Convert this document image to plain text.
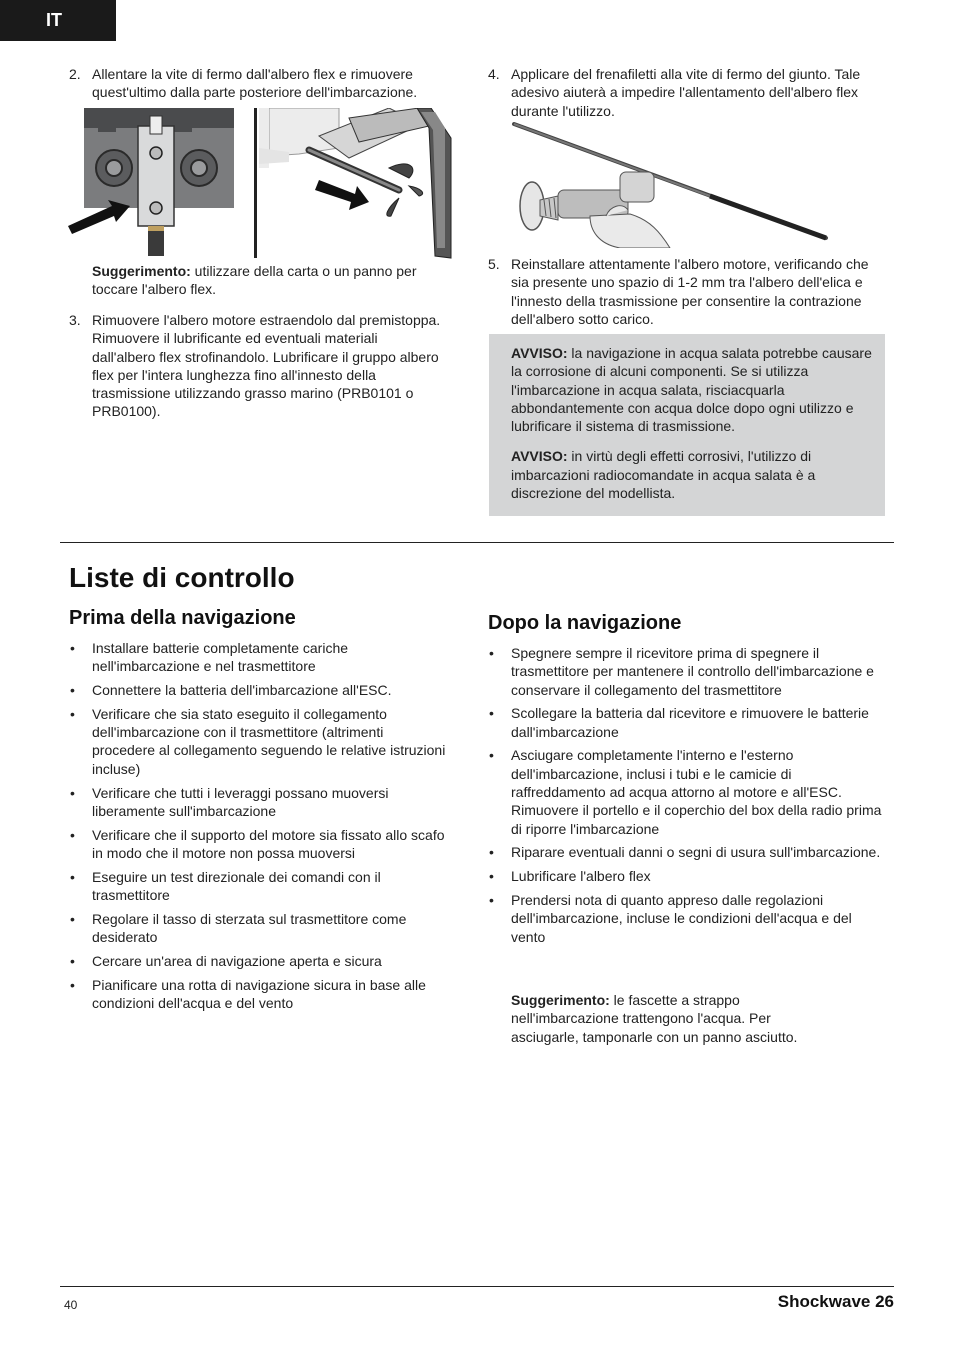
IT
2. Allentare la vite di fermo dall'albero flex e rimuovere quest'ultimo dalla parte posteriore dell'imbarcazione.
Suggerimento: utilizzare della carta o un panno per toccare l'albero flex.
3. Rimuovere l'albero motore estraendolo dal premistoppa. Rimuovere il lubrificante ed eventuali materiali dall'albero flex strofinandolo. Lubrificare il gruppo albero flex per l'intera lunghezza fino all'innesto della trasmissione utilizzando grasso marino (PRB0101 o PRB0100).
4. Applicare del frenafiletti alla vite di fermo del giunto. Tale adesivo aiuterà a impedire l'allentamento dell'albero flex durante l'utilizzo.
5. Reinstallare attentamente l'albero motore, verificando che sia presente uno spazio di 1-2 mm tra l'albero dell'elica e l'innesto della trasmissione per consentire la contrazione dell'albero sotto carico.

AVVISO: la navigazione in acqua salata potrebbe causare la corrosione di alcuni componenti. Se si utilizza l'imbarcazione in acqua salata, risciacquarla abbondantemente con acqua dolce dopo ogni utilizzo e lubrificare il sistema di trasmissione.

AVVISO: in virtù degli effetti corrosivi, l'utilizzo di imbarcazioni radiocomandate in acqua salata è a discrezione del modellista.

Liste di controllo
Prima della navigazione
• Installare batterie completamente cariche nell'imbarcazione e nel trasmettitore
• Connettere la batteria dell'imbarcazione all'ESC.
• Verificare che sia stato eseguito il collegamento dell'imbarcazione con il trasmettitore (altrimenti procedere al collegamento seguendo le relative istruzioni incluse)
• Verificare che tutti i leveraggi possano muoversi liberamente sull'imbarcazione
• Verificare che il supporto del motore sia fissato allo scafo in modo che il motore non possa muoversi
• Eseguire un test direzionale dei comandi con il trasmettitore
• Regolare il tasso di sterzata sul trasmettitore come desiderato
• Cercare un'area di navigazione aperta e sicura
• Pianificare una rotta di navigazione sicura in base alle condizioni dell'acqua e del vento
Dopo la navigazione
• Spegnere sempre il ricevitore prima di spegnere il trasmettitore per mantenere il controllo dell'imbarcazione e conservare il collegamento del trasmettitore
• Scollegare la batteria dal ricevitore e rimuovere le batterie dall'imbarcazione
• Asciugare completamente l'interno e l'esterno dell'imbarcazione, inclusi i tubi e le camicie di raffreddamento ad acqua attorno al motore e all'ESC. Rimuovere il portello e il coperchio del box della radio prima di riporre l'imbarcazione
• Riparare eventuali danni o segni di usura sull'imbarcazione.
• Lubrificare l'albero flex
• Prendersi nota di quanto appreso dalle regolazioni dell'imbarcazione, incluse le condizioni dell'acqua e del vento
Suggerimento: le fascette a strappo nell'imbarcazione trattengono l'acqua. Per asciugarle, tamponarle con un panno asciutto.
40	Shockwave 26
